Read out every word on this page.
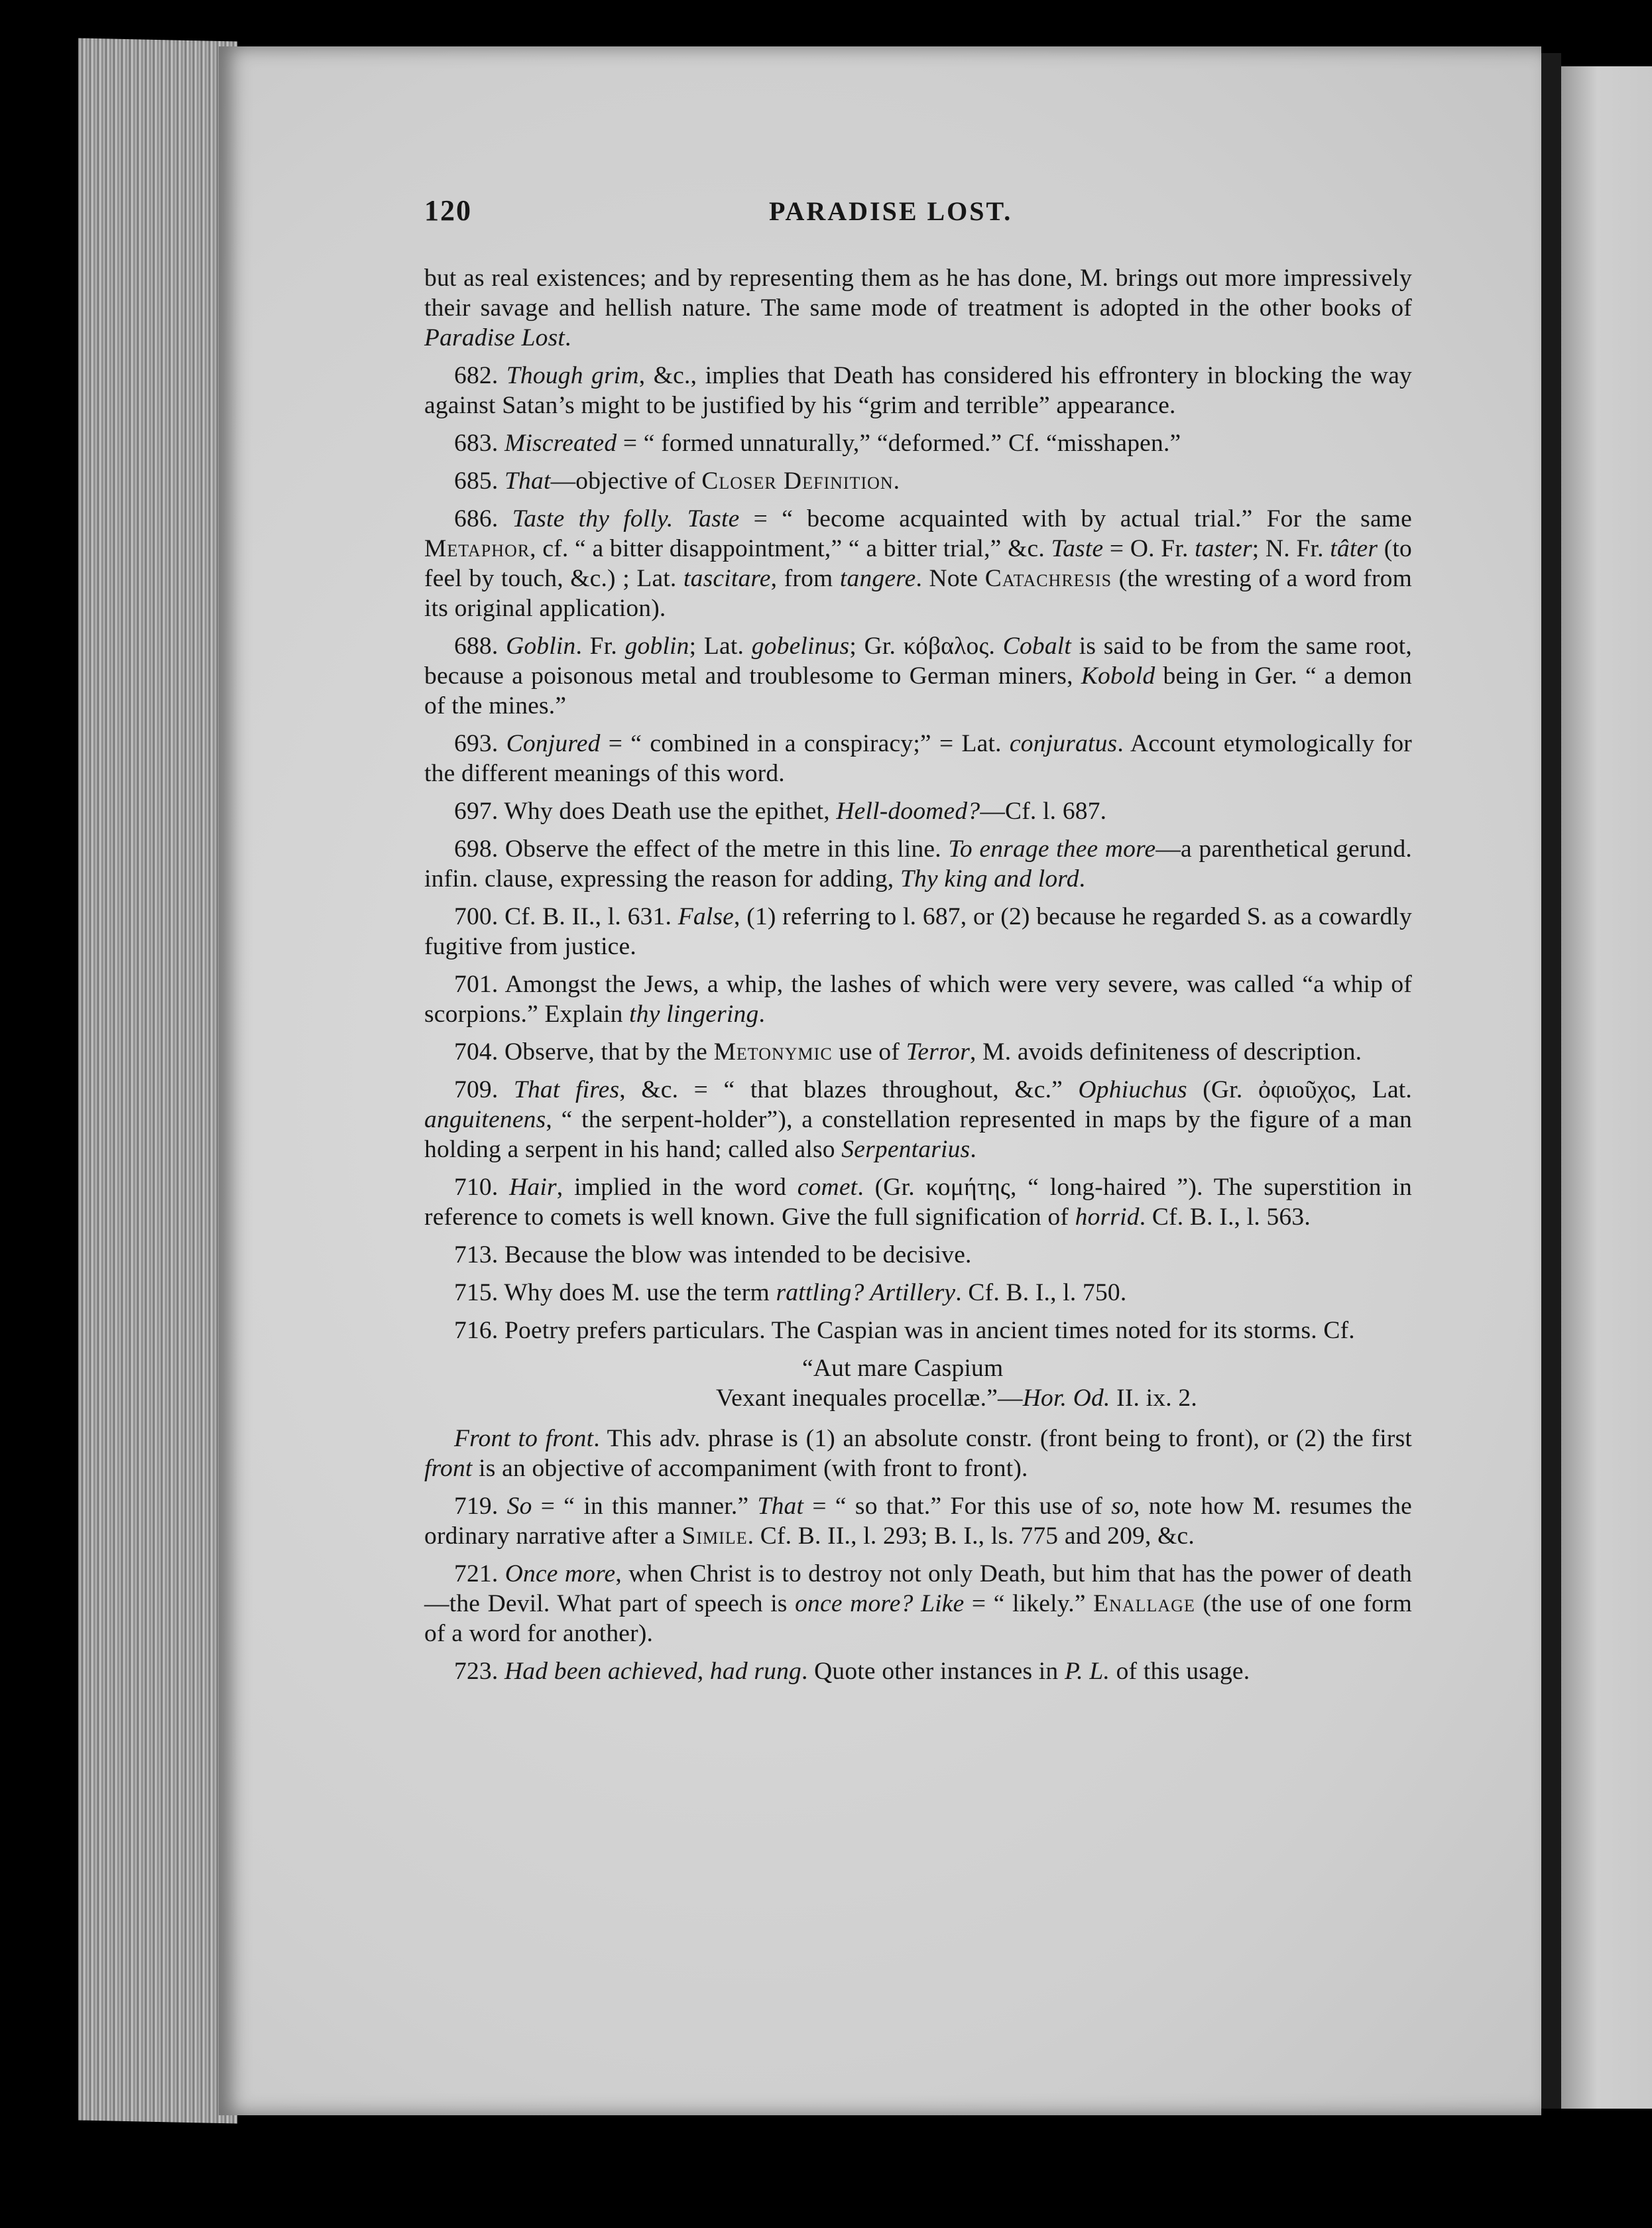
120	PARADISE LOST.

but as real existences; and by representing them as he has done, M. brings out more impressively their savage and hellish nature. The same mode of treatment is adopted in the other books of Paradise Lost.

682. Though grim, &c., implies that Death has considered his effrontery in blocking the way against Satan’s might to be justified by his “grim and terrible” appearance.

683. Miscreated = “ formed unnaturally,” “deformed.” Cf. “misshapen.”

685. That—objective of Closer Definition.

686. Taste thy folly. Taste = “ become acquainted with by actual trial.” For the same Metaphor, cf. “ a bitter disappointment,” “ a bitter trial,” &c. Taste = O. Fr. taster; N. Fr. tâter (to feel by touch, &c.) ; Lat. tascitare, from tangere. Note Catachresis (the wresting of a word from its original application).

688. Goblin. Fr. goblin; Lat. gobelinus; Gr. κόβαλος. Cobalt is said to be from the same root, because a poisonous metal and troublesome to German miners, Kobold being in Ger. “ a demon of the mines.”

693. Conjured = “ combined in a conspiracy;” = Lat. conjuratus. Account etymologically for the different meanings of this word.

697. Why does Death use the epithet, Hell-doomed?—Cf. l. 687.

698. Observe the effect of the metre in this line. To enrage thee more—a parenthetical gerund. infin. clause, expressing the reason for adding, Thy king and lord.

700. Cf. B. II., l. 631. False, (1) referring to l. 687, or (2) because he regarded S. as a cowardly fugitive from justice.

701. Amongst the Jews, a whip, the lashes of which were very severe, was called “a whip of scorpions.” Explain thy lingering.

704. Observe, that by the Metonymic use of Terror, M. avoids definiteness of description.

709. That fires, &c. = “ that blazes throughout, &c.” Ophiuchus (Gr. ὀφιοῦχος, Lat. anguitenens, “ the serpent-holder”), a constellation represented in maps by the figure of a man holding a serpent in his hand; called also Serpentarius.

710. Hair, implied in the word comet. (Gr. κομήτης, “ long-haired ”). The superstition in reference to comets is well known. Give the full signification of horrid. Cf. B. I., l. 563.

713. Because the blow was intended to be decisive.

715. Why does M. use the term rattling? Artillery. Cf. B. I., l. 750.

716. Poetry prefers particulars. The Caspian was in ancient times noted for its storms. Cf.

“Aut mare Caspium
Vexant inequales procellæ.”—Hor. Od. II. ix. 2.

Front to front. This adv. phrase is (1) an absolute constr. (front being to front), or (2) the first front is an objective of accompaniment (with front to front).

719. So = “ in this manner.” That = “ so that.” For this use of so, note how M. resumes the ordinary narrative after a Simile. Cf. B. II., l. 293; B. I., ls. 775 and 209, &c.

721. Once more, when Christ is to destroy not only Death, but him that has the power of death—the Devil. What part of speech is once more? Like = “ likely.” Enallage (the use of one form of a word for another).

723. Had been achieved, had rung. Quote other instances in P. L. of this usage.
